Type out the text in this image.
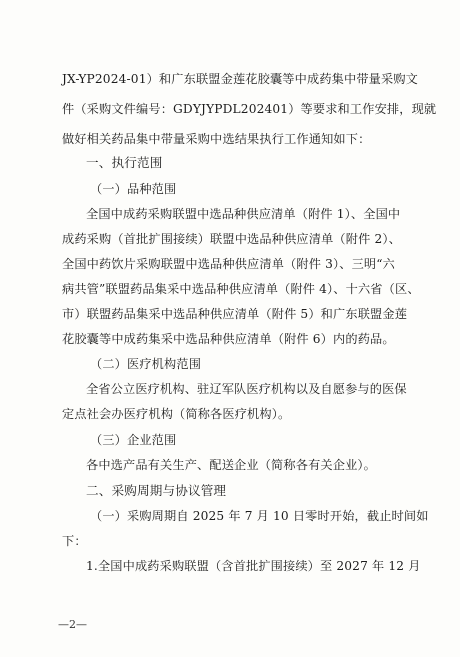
JX-YP2024-01）和广东联盟金莲花胶囊等中成药集中带量采购文
件（采购文件编号：GDYJYPDL202401）等要求和工作安排，现就
做好相关药品集中带量采购中选结果执行工作通知如下：
一、执行范围
（一）品种范围
全国中成药采购联盟中选品种供应清单（附件 1）、全国中
成药采购（首批扩围接续）联盟中选品种供应清单（附件 2）、
全国中药饮片采购联盟中选品种供应清单（附件 3）、三明“六
病共管”联盟药品集采中选品种供应清单（附件 4）、十六省（区、
市）联盟药品集采中选品种供应清单（附件 5）和广东联盟金莲
花胶囊等中成药集采中选品种供应清单（附件 6）内的药品。
（二）医疗机构范围
全省公立医疗机构、驻辽军队医疗机构以及自愿参与的医保
定点社会办医疗机构（简称各医疗机构）。
（三）企业范围
各中选产品有关生产、配送企业（简称各有关企业）。
二、采购周期与协议管理
（一）采购周期自 2025 年 7 月 10 日零时开始，截止时间如
下：
1.全国中成药采购联盟（含首批扩围接续）至 2027 年 12 月
—2—
